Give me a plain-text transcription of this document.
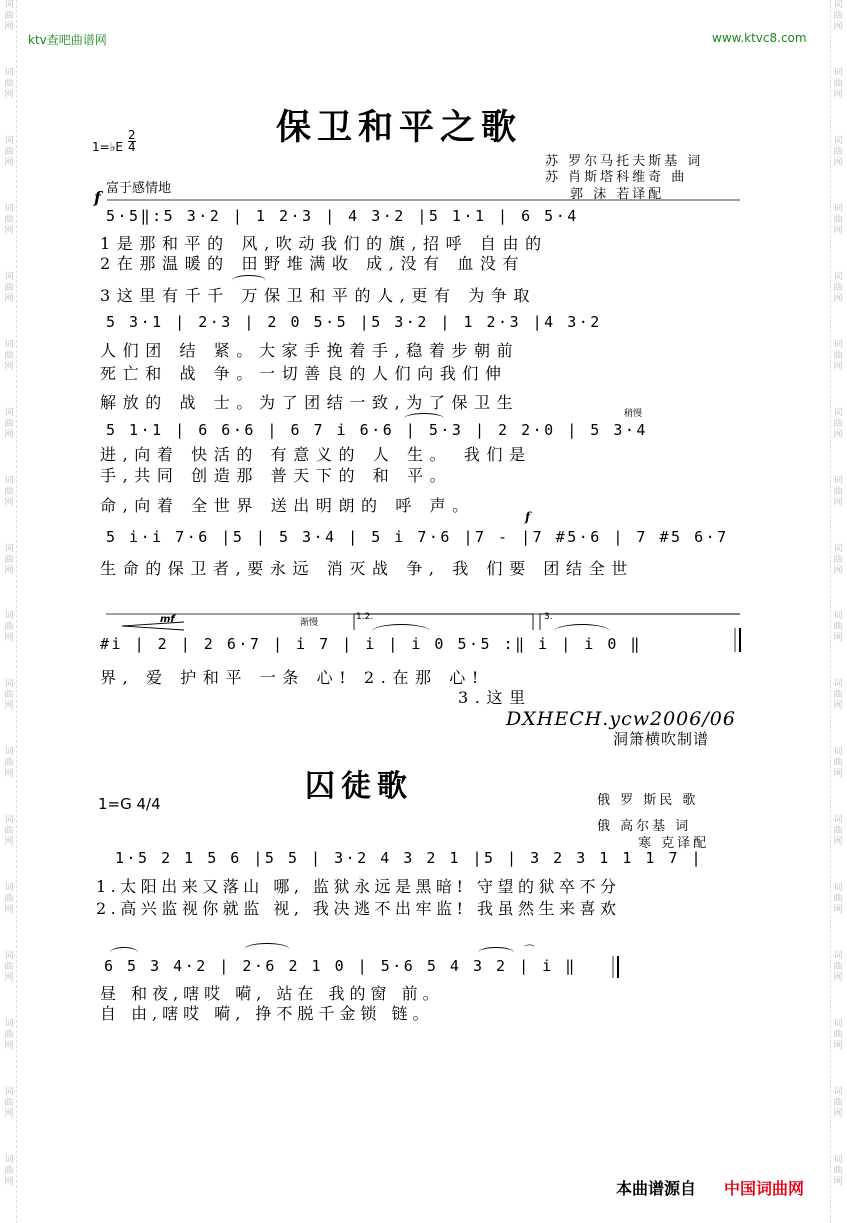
词
曲
网
词
曲
网
词
曲
网
词
曲
网
词
曲
网
词
曲
网
词
曲
网
词
曲
网
词
曲
网
词
曲
网
词
曲
网
词
曲
网
词
曲
网
词
曲
网
词
曲
网
词
曲
网
词
曲
网
词
曲
网
词
曲
网
词
曲
网
词
曲
网
词
曲
网
词
曲
网
词
曲
网
词
曲
网
词
曲
网
词
曲
网
词
曲
网
词
曲
网
词
曲
网
词
曲
网
词
曲
网
词
曲
网
词
曲
网
词
曲
网
词
曲
网
ktv查吧曲谱网	www.ktvc8.com
保卫和平之歌
1=♭E
2
4
苏 罗尔马托夫斯基 词
苏 肖斯塔科维奇 曲
郭 沫 若译配
富于感情地
f
5·5‖:5 3·2 | 1 2·3 | 4 3·2 |5 1·1 | 6 5·4
1是那和平的 风,吹动我们的旗,招呼 自由的
2在那温暖的 田野堆满收 成,没有 血没有
3这里有千千 万保卫和平的人,更有 为争取
5 3·1 | 2·3 | 2 0 5·5 |5 3·2 | 1 2·3 |4 3·2
人们团 结 紧。大家手挽着手,稳着步朝前
死亡和 战 争。一切善良的人们向我们伸
解放的 战 士。为了团结一致,为了保卫生
稍慢
5 1·1 | 6 6·6 | 6 7 i 6·6 | 5·3 | 2 2·0 | 5 3·4
进,向着 快活的 有意义的 人 生。 我们是
手,共同 创造那 普天下的 和 平。
命,向着 全世界 送出明朗的 呼 声。
f
5 i·i 7·6 |5 | 5 3·4 | 5 i 7·6 |7 - |7 #5·6 | 7 #5 6·7
生命的保卫者,要永远 消灭战 争, 我 们要 团结全世
渐慢
mf	1.2.	3.
#i | 2 | 2 6·7 | i 7 | i | i 0 5·5 :‖ i | i 0 ‖
界, 爱 护和平 一条 心! 2.在那 心!
3.这里
DXHECH.ycw2006/06
洞箫横吹制谱
囚徒歌
1=G 4/4	俄 罗 斯民 歌
俄 高尔基 词
寒 克译配
1·5 2 1 5 6 |5 5 | 3·2 4 3 2 1 |5 | 3 2 3 1 1 1 7 |
1.太阳出来又落山 哪, 监狱永远是黑暗! 守望的狱卒不分
2.高兴监视你就监 视, 我决逃不出牢监! 我虽然生来喜欢
⌒
6 5 3 4·2 | 2·6 2 1 0 | 5·6 5 4 3 2 | i ‖
昼 和夜,嗐哎 嗬, 站在 我的窗 前。
自 由,嗐哎 嗬, 挣不脱千金锁 链。
本曲谱源自 中国词曲网
